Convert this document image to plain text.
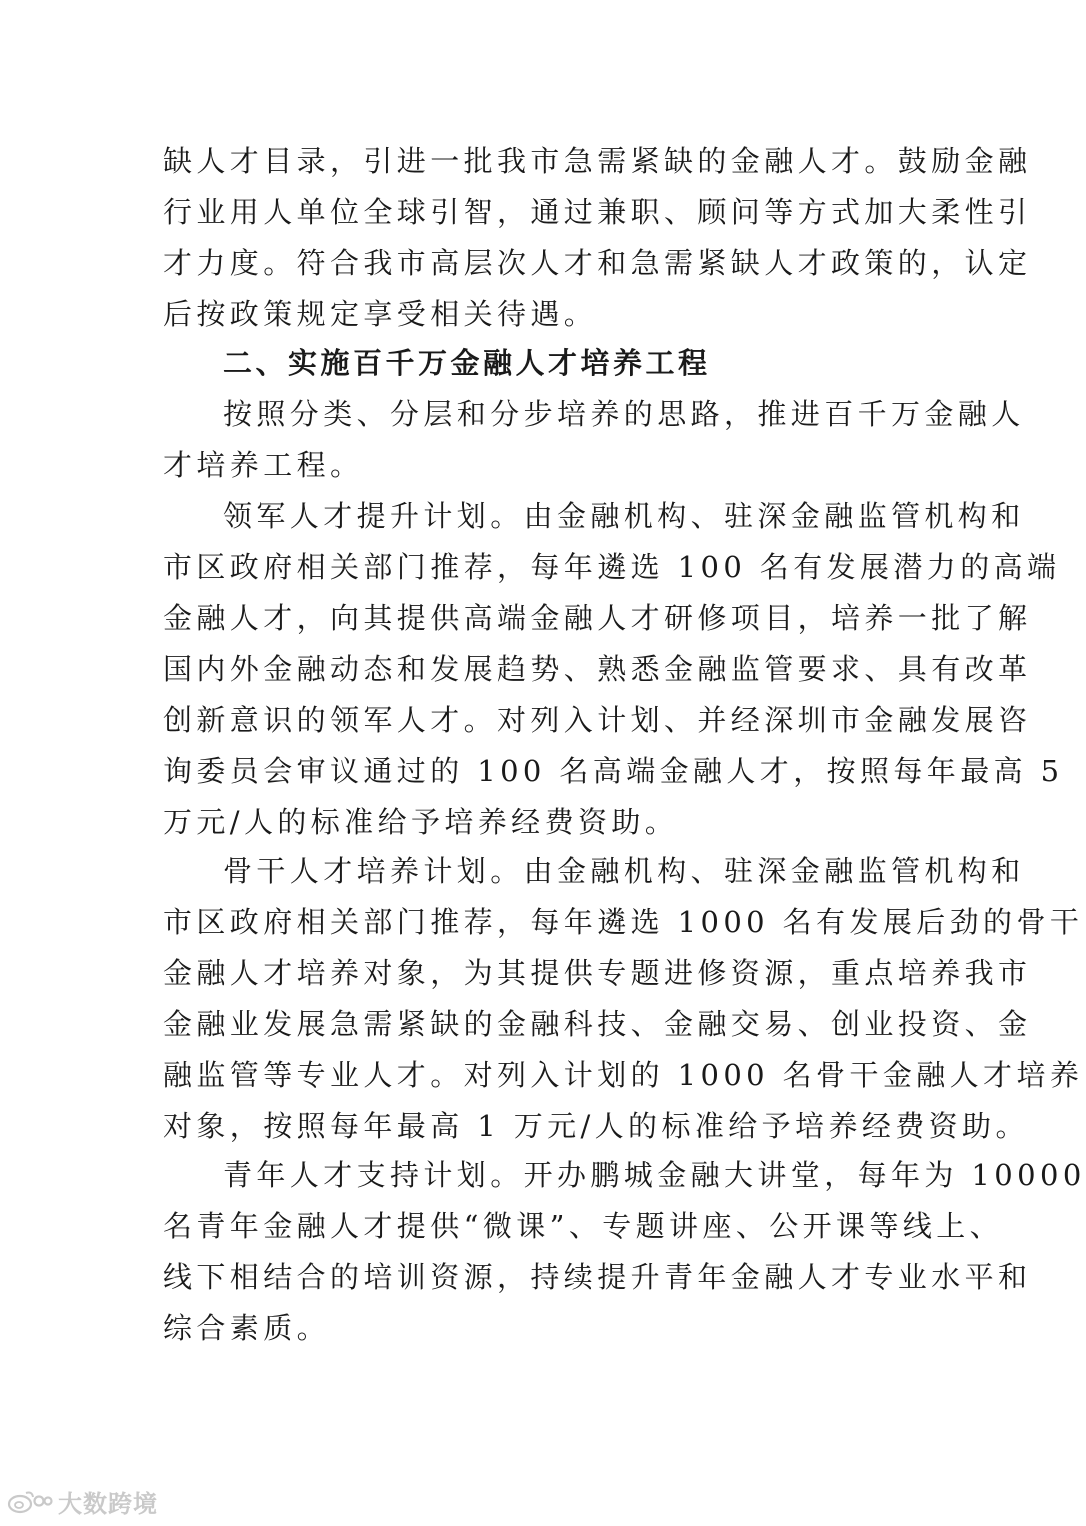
缺人才目录，引进一批我市急需紧缺的金融人才。鼓励金融
行业用人单位全球引智，通过兼职、顾问等方式加大柔性引
才力度。符合我市高层次人才和急需紧缺人才政策的，认定
后按政策规定享受相关待遇。
二、实施百千万金融人才培养工程
按照分类、分层和分步培养的思路，推进百千万金融人
才培养工程。
领军人才提升计划。由金融机构、驻深金融监管机构和
市区政府相关部门推荐，每年遴选 100 名有发展潜力的高端
金融人才，向其提供高端金融人才研修项目，培养一批了解
国内外金融动态和发展趋势、熟悉金融监管要求、具有改革
创新意识的领军人才。对列入计划、并经深圳市金融发展咨
询委员会审议通过的 100 名高端金融人才，按照每年最高 5
万元/人的标准给予培养经费资助。
骨干人才培养计划。由金融机构、驻深金融监管机构和
市区政府相关部门推荐，每年遴选 1000 名有发展后劲的骨干
金融人才培养对象，为其提供专题进修资源，重点培养我市
金融业发展急需紧缺的金融科技、金融交易、创业投资、金
融监管等专业人才。对列入计划的 1000 名骨干金融人才培养
对象，按照每年最高 1 万元/人的标准给予培养经费资助。
青年人才支持计划。开办鹏城金融大讲堂，每年为 10000
名青年金融人才提供“微课”、专题讲座、公开课等线上、
线下相结合的培训资源，持续提升青年金融人才专业水平和
综合素质。
大数跨境
